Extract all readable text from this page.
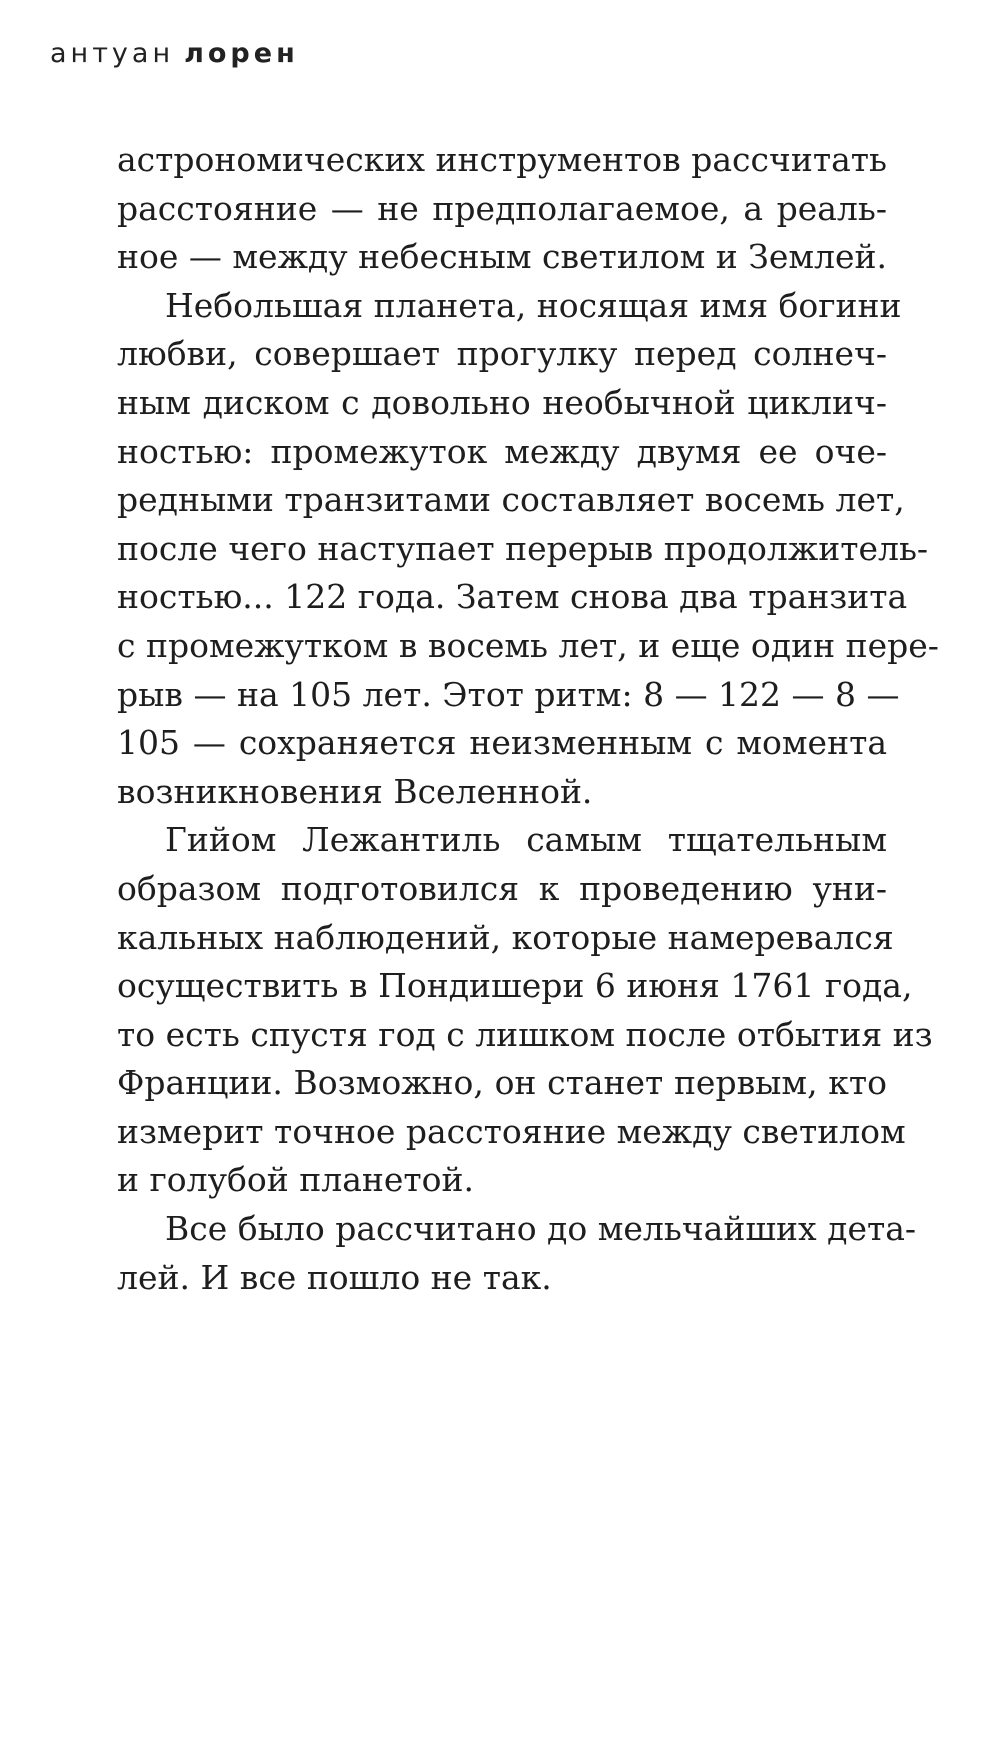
антуан лорен
астрономических инструментов рассчитать
расстояние — не предполагаемое, а реаль-
ное — между небесным светилом и Землей.
Небольшая планета, носящая имя богини
любви, совершает прогулку перед солнеч-
ным диском с довольно необычной циклич-
ностью: промежуток между двумя ее оче-
редными транзитами составляет восемь лет,
после чего наступает перерыв продолжитель-
ностью... 122 года. Затем снова два транзита
с промежутком в восемь лет, и еще один пере-
рыв — на 105 лет. Этот ритм: 8 — 122 — 8 —
105 — сохраняется неизменным с момента
возникновения Вселенной.
Гийом Лежантиль самым тщательным
образом подготовился к проведению уни-
кальных наблюдений, которые намеревался
осуществить в Пондишери 6 июня 1761 года,
то есть спустя год с лишком после отбытия из
Франции. Возможно, он станет первым, кто
измерит точное расстояние между светилом
и голубой планетой.
Все было рассчитано до мельчайших дета-
лей. И все пошло не так.
